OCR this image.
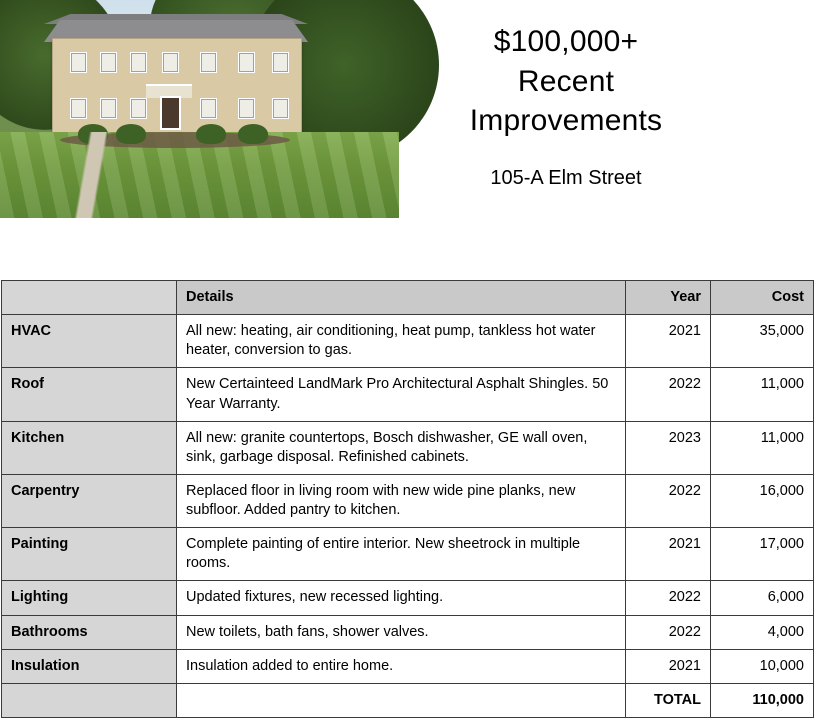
$100,000+
Recent
Improvements
105-A Elm Street
	Details	Year	Cost
HVAC	All new: heating, air conditioning, heat pump, tankless hot water heater, conversion to gas.	2021	35,000
Roof	New Certainteed LandMark Pro Architectural Asphalt Shingles. 50 Year Warranty.	2022	11,000
Kitchen	All new: granite countertops, Bosch dishwasher, GE wall oven, sink, garbage disposal. Refinished cabinets.	2023	11,000
Carpentry	Replaced floor in living room with new wide pine planks, new subfloor. Added pantry to kitchen.	2022	16,000
Painting	Complete painting of entire interior. New sheetrock in multiple rooms.	2021	17,000
Lighting	Updated fixtures, new recessed lighting.	2022	6,000
Bathrooms	New toilets, bath fans, shower valves.	2022	4,000
Insulation	Insulation added to entire home.	2021	10,000
		TOTAL	110,000
